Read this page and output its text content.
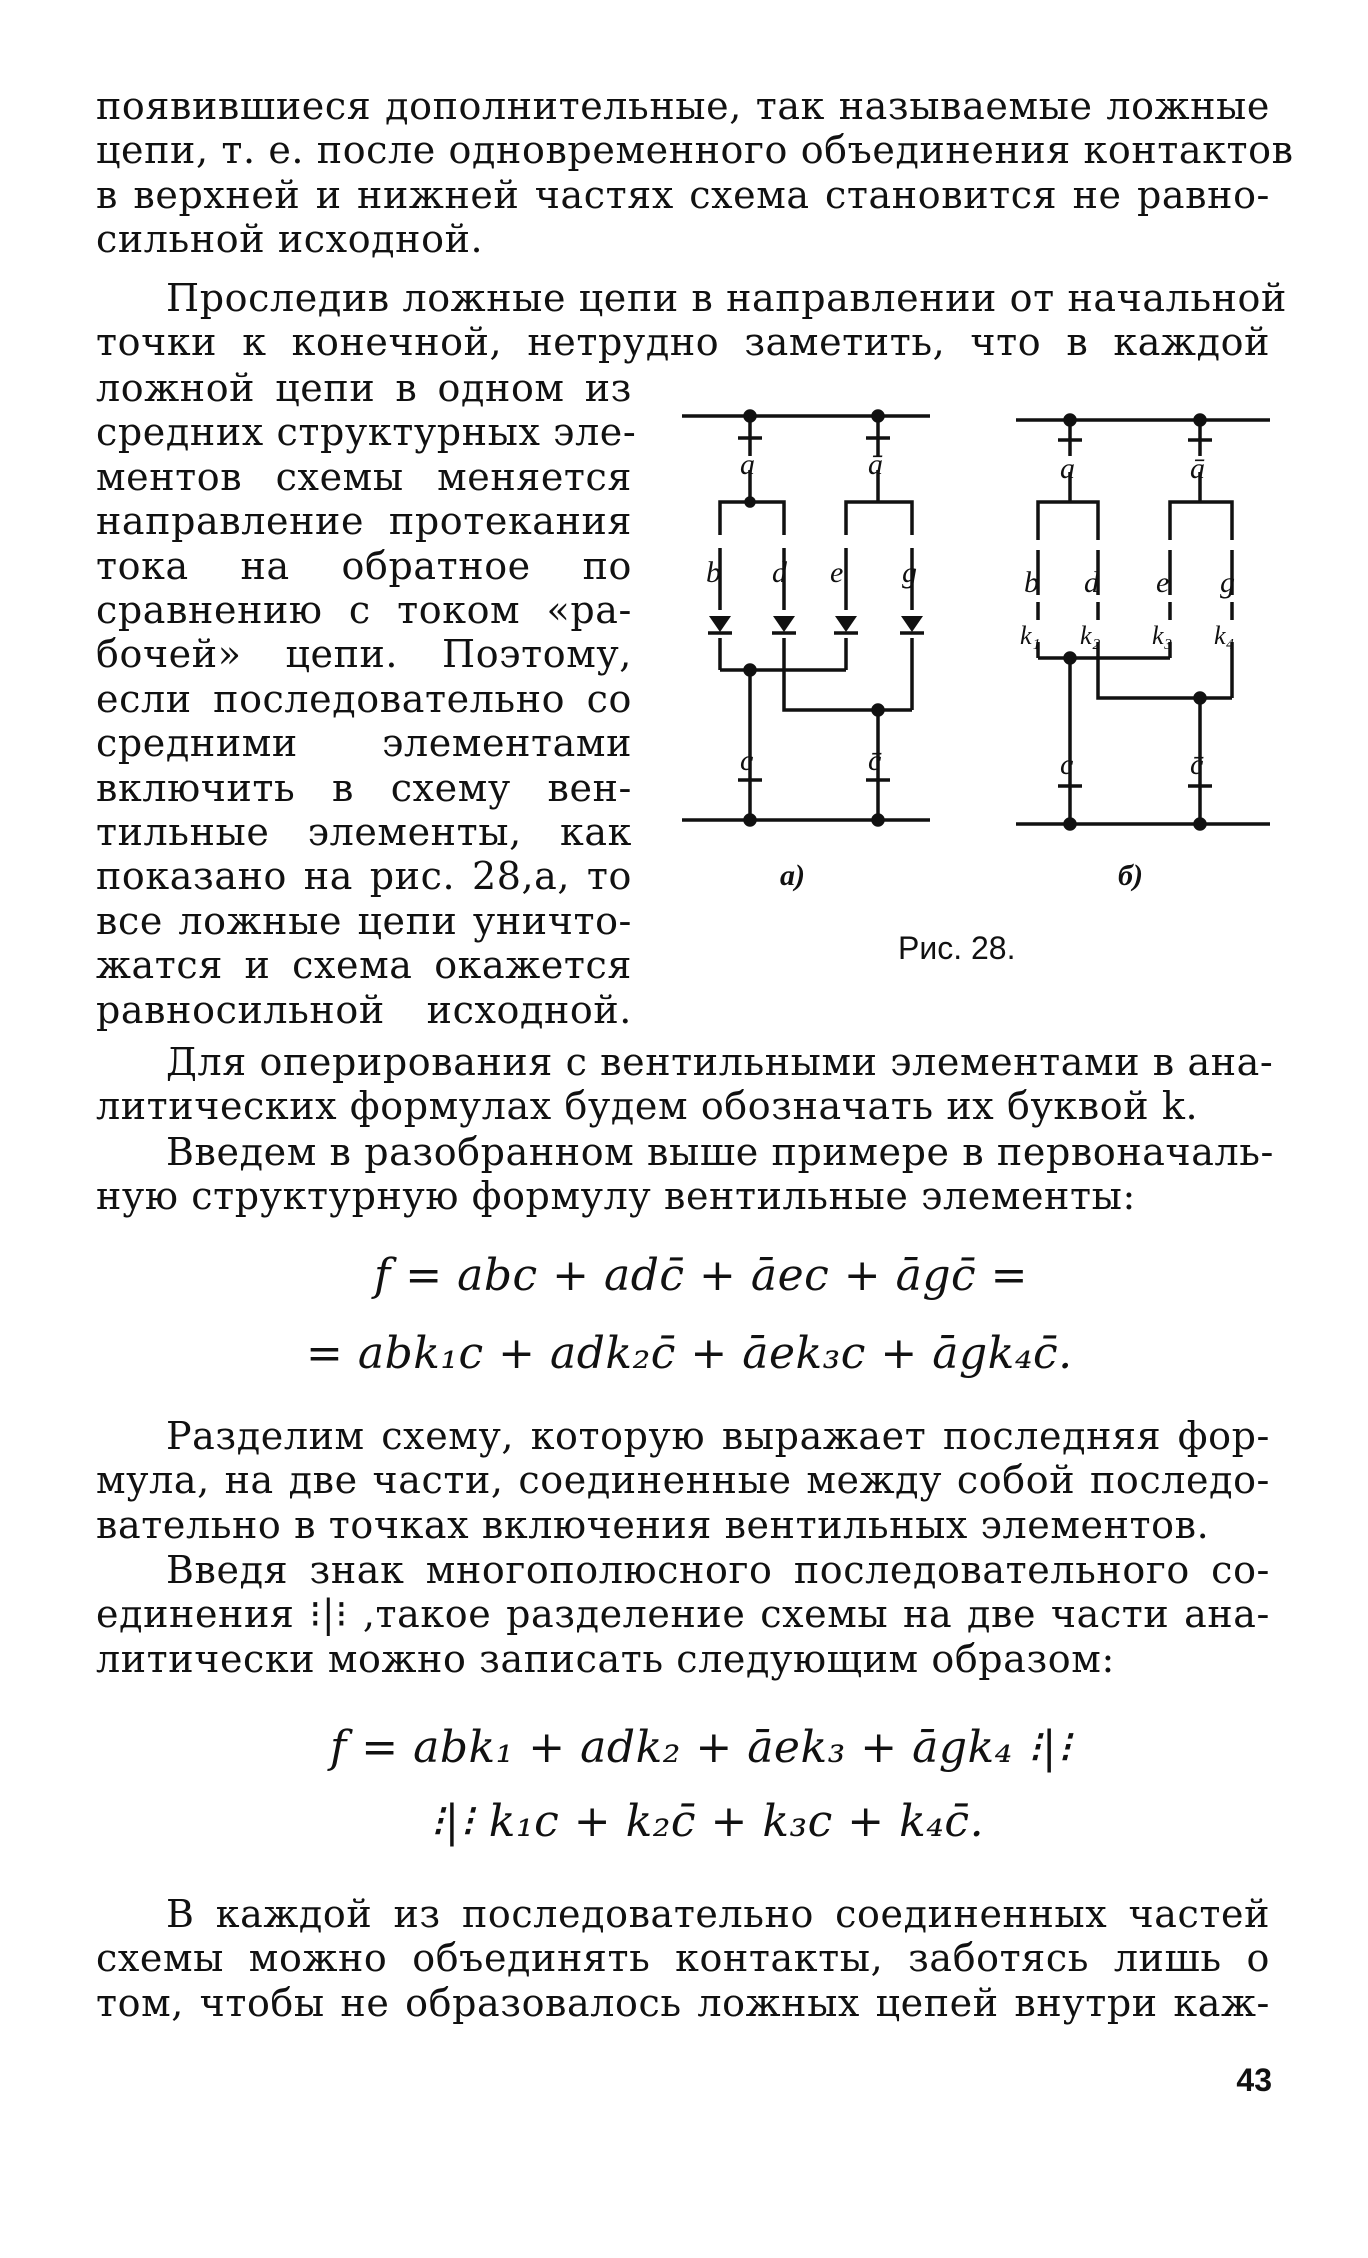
появившиеся дополнительные, так называемые ложные
цепи, т. е. после одновременного объединения контактов
в верхней и нижней частях схема становится не равно-
сильной исходной.
Проследив ложные цепи в направлении от начальной
точки к конечной, нетрудно заметить, что в каждой
ложной цепи в одном из
средних структурных эле-
ментов схемы меняется
направление протекания
тока на обратное по
сравнению с током «ра-
бочей» цепи. Поэтому,
если последовательно со
средними элементами
включить в схему вен-
тильные элементы, как
показано на рис. 28,а, то
все ложные цепи уничто-
жатся и схема окажется
равносильной исходной.
a	ā
b d e g
c	c̄
а)
a	ā
b d e g
k₁ k₂ k₃ k₄
c	c̄
б)
Рис. 28.
Для оперирования с вентильными элементами в ана-
литических формулах будем обозначать их буквой k.
Введем в разобранном выше примере в первоначаль-
ную структурную формулу вентильные элементы:
f = abc + adc̄ + āec + āgc̄ =
= abk₁c + adk₂c̄ + āek₃c + āgk₄c̄.
Разделим схему, которую выражает последняя фор-
мула, на две части, соединенные между собой последо-
вательно в точках включения вентильных элементов.
Введя знак многополюсного последовательного со-
единения ⁝|⁝ ,такое разделение схемы на две части ана-
литически можно записать следующим образом:
f = abk₁ + adk₂ + āek₃ + āgk₄ ⁝|⁝
⁝|⁝ k₁c + k₂c̄ + k₃c + k₄c̄.
В каждой из последовательно соединенных частей
схемы можно объединять контакты, заботясь лишь о
том, чтобы не образовалось ложных цепей внутри каж-
43
